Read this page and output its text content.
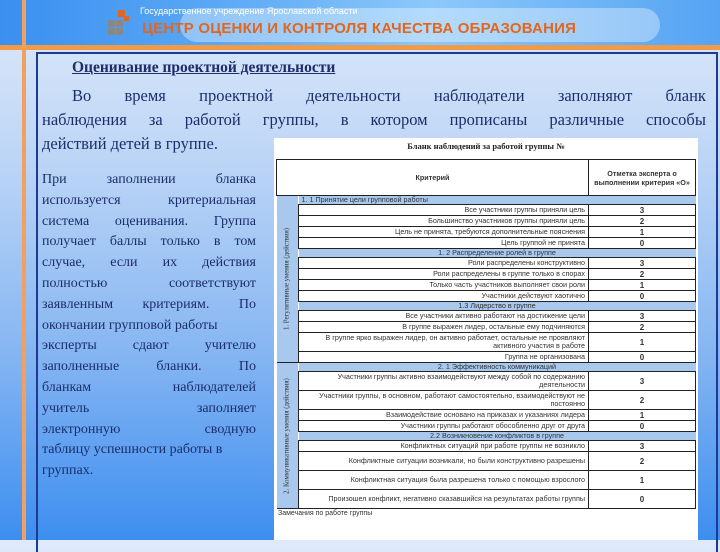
Государственное учреждение Ярославской области
ЦЕНТР ОЦЕНКИ И КОНТРОЛЯ КАЧЕСТВА ОБРАЗОВАНИЯ
Оценивание проектной деятельности
Во время проектной деятельности наблюдатели заполняют бланк
наблюдения за работой группы, в котором прописаны различные способы
действий детей в группе.
При	заполнении	бланка
используется	критериальная
система оценивания. Группа
получает баллы только в том
случае, если их действия
полностью	соответствуют
заявленным критериям. По
окончании групповой работы
эксперты	сдают	учителю
заполненные	бланки.	По
бланкам	наблюдателей
учитель	заполняет
электронную	сводную
таблицу успешности работы в
группах.
Бланк наблюдений за работой группы №
Критерий		Отметка эксперта о выполнении критерия «О»

1. Регулятивные умения (действия)	1. 1 Принятие цели групповой работы	
	Все участники группы приняли цель	3
	Большинство участников группы приняли цель	2
	Цель не принята, требуются дополнительные пояснения	1
	Цель группой не принята	0
	1. 2 Распределение ролей в группе	
	Роли распределены конструктивно	3
	Роли распределены в группе только в спорах	2
	Только часть участников выполняет свои роли	1
	Участники действуют хаотично	0
	1.3 Лидерство в группе	
	Все участники активно работают на достижение цели	3
	В группе выражен лидер, остальные ему подчиняются	2
	В группе ярко выражен лидер, он активно работает, остальные не проявляют активного участия в работе	1
	Группа не организована	0

2. Коммуникативные умения (действия)	2. 1 Эффективность коммуникаций	
	Участники группы активно взаимодействуют между собой по содержанию деятельности	3
	Участники группы, в основном, работают самостоятельно, взаимодействуют не постоянно	2
	Взаимодействие основано на приказах и указаниях лидера	1
	Участники группы работают обособленно друг от друга	0
	2.2 Возникновение конфликтов в группе	
	Конфликтных ситуаций при работе группы не возникло	3
	Конфликтные ситуации возникали, но были конструктивно разрешены	2
	Конфликтная ситуация была разрешена только с помощью взрослого	1
	Произошел конфликт, негативно сказавшийся на результатах работы группы	0
Замечания по работе группы
